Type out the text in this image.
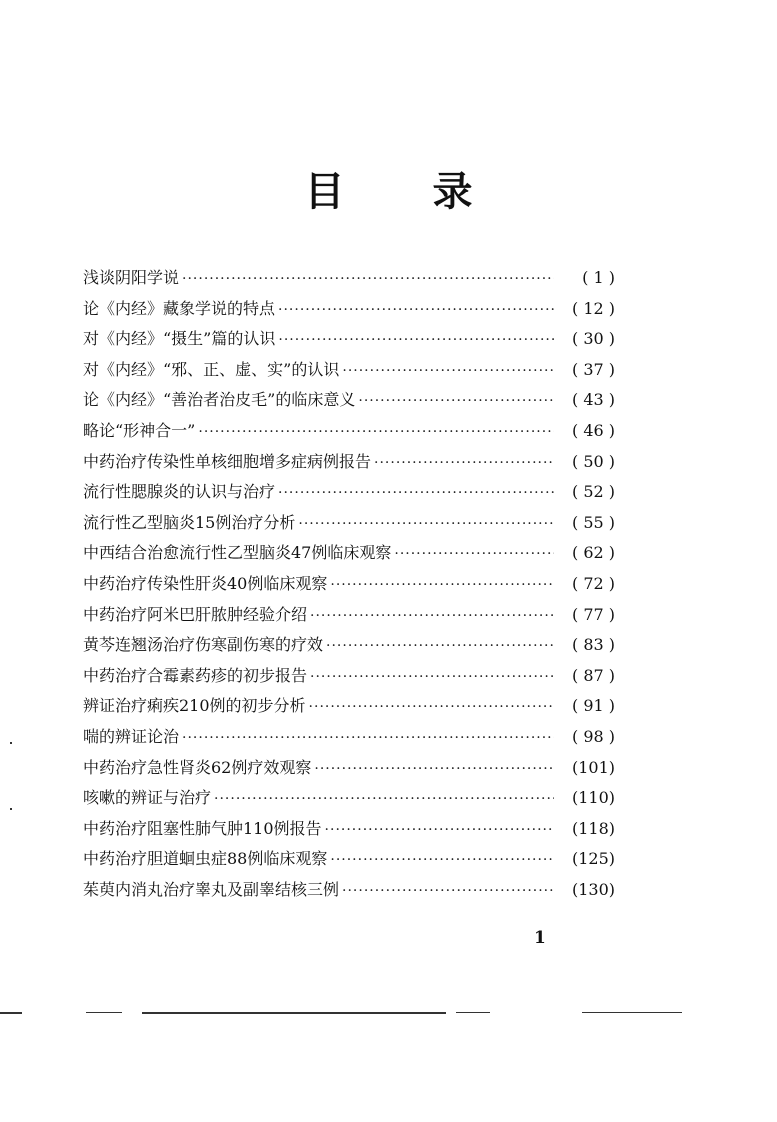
目 录
浅谈阴阳学说 ·····	( 1 )
论《内经》藏象学说的特点 ·····	( 12 )
对《内经》“摄生”篇的认识 ·····	( 30 )
对《内经》“邪、正、虚、实”的认识 ·····	( 37 )
论《内经》“善治者治皮毛”的临床意义 ·····	( 43 )
略论“形神合一” ·····	( 46 )
中药治疗传染性单核细胞增多症病例报告 ·····	( 50 )
流行性腮腺炎的认识与治疗 ·····	( 52 )
流行性乙型脑炎15例治疗分析 ·····	( 55 )
中西结合治愈流行性乙型脑炎47例临床观察 ·····	( 62 )
中药治疗传染性肝炎40例临床观察 ·····	( 72 )
中药治疗阿米巴肝脓肿经验介绍 ·····	( 77 )
黄芩连翘汤治疗伤寒副伤寒的疗效 ·····	( 83 )
中药治疗合霉素药疹的初步报告 ·····	( 87 )
辨证治疗痢疾210例的初步分析 ·····	( 91 )
喘的辨证论治 ·····	( 98 )
中药治疗急性肾炎62例疗效观察 ·····	(101)
咳嗽的辨证与治疗 ·····	(110)
中药治疗阻塞性肺气肿110例报告 ·····	(118)
中药治疗胆道蛔虫症88例临床观察 ·····	(125)
茱萸内消丸治疗睾丸及副睾结核三例 ·····	(130)
1
